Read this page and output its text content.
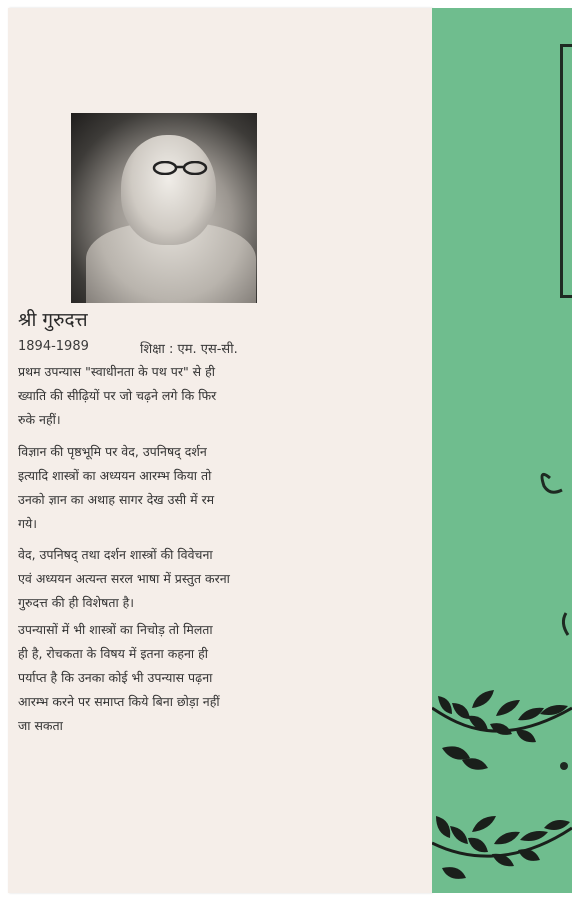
श्री गुरुदत्त
1894-1989	शिक्षा : एम. एस-सी.
प्रथम उपन्यास "स्वाधीनता के पथ पर" से ही
ख्याति की सीढ़ियों पर जो चढ़ने लगे कि फिर
रुके नहीं।
विज्ञान की पृष्ठभूमि पर वेद, उपनिषद् दर्शन
इत्यादि शास्त्रों का अध्ययन आरम्भ किया तो
उनको ज्ञान का अथाह सागर देख उसी में रम
गये।
वेद, उपनिषद् तथा दर्शन शास्त्रों की विवेचना
एवं अध्ययन अत्यन्त सरल भाषा में प्रस्तुत करना
गुरुदत्त की ही विशेषता है।
उपन्यासों में भी शास्त्रों का निचोड़ तो मिलता
ही है, रोचकता के विषय में इतना कहना ही
पर्याप्त है कि उनका कोई भी उपन्यास पढ़ना
आरम्भ करने पर समाप्त किये बिना छोड़ा नहीं
जा सकता
